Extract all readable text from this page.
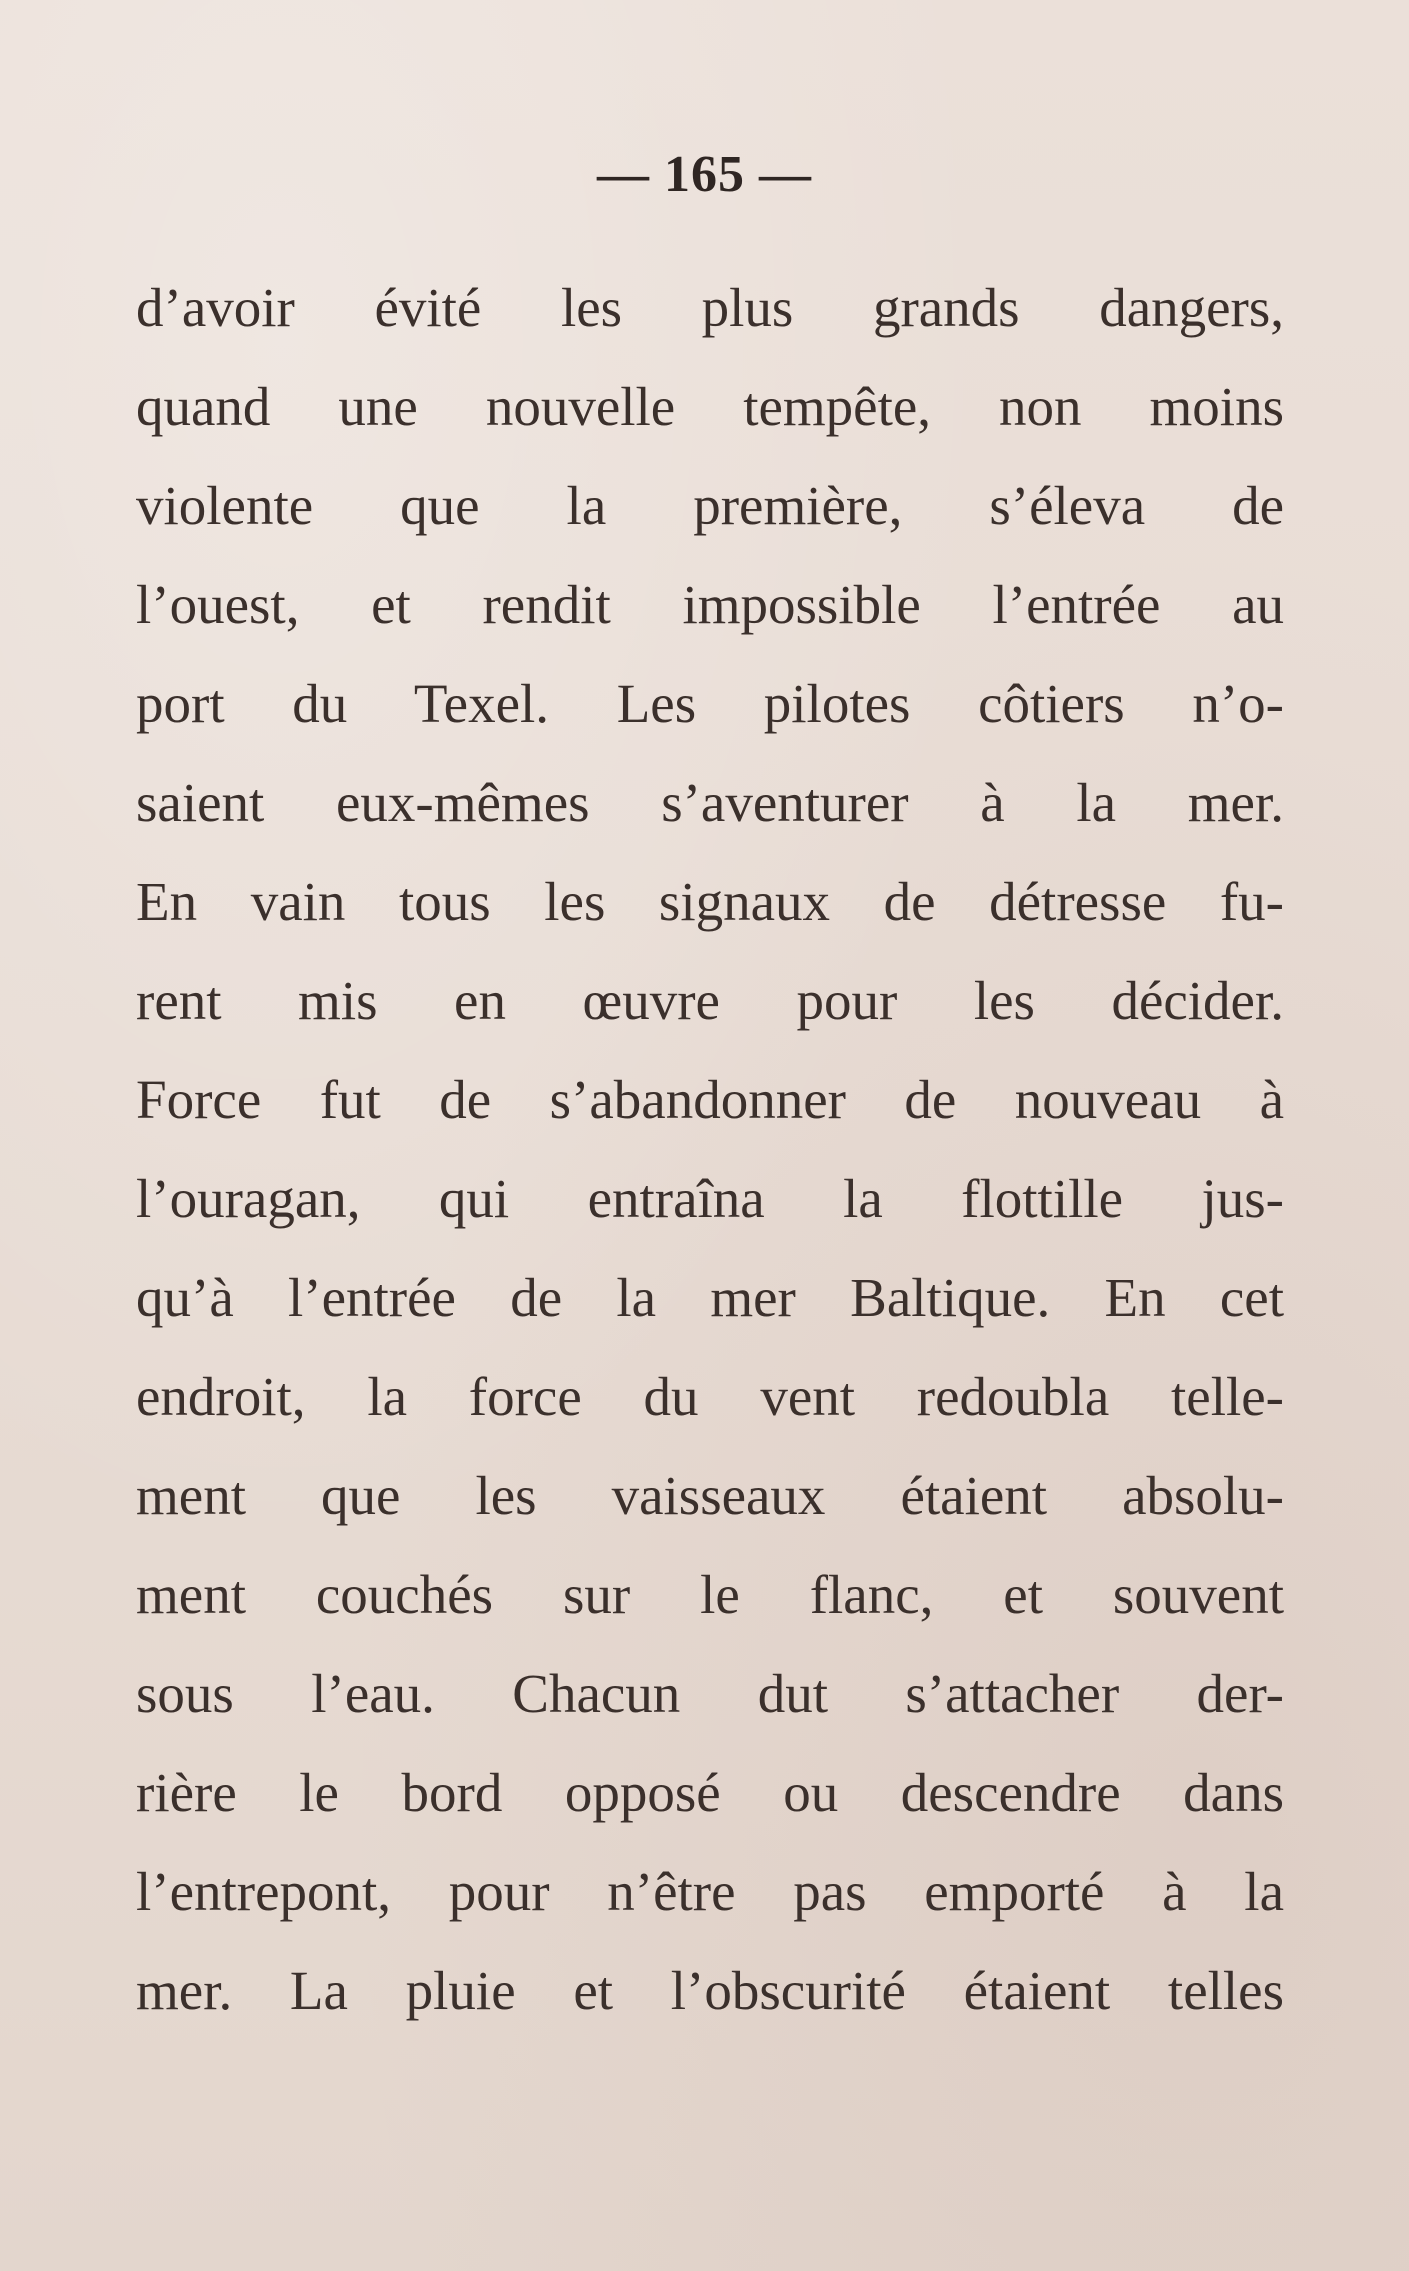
— 165 —
d’avoir évité les plus grands dangers,
quand une nouvelle tempête, non moins
violente que la première, s’éleva de
l’ouest, et rendit impossible l’entrée au
port du Texel. Les pilotes côtiers n’o-
saient eux-mêmes s’aventurer à la mer.
En vain tous les signaux de détresse fu-
rent mis en œuvre pour les décider.
Force fut de s’abandonner de nouveau à
l’ouragan, qui entraîna la flottille jus-
qu’à l’entrée de la mer Baltique. En cet
endroit, la force du vent redoubla telle-
ment que les vaisseaux étaient absolu-
ment couchés sur le flanc, et souvent
sous l’eau. Chacun dut s’attacher der-
rière le bord opposé ou descendre dans
l’entrepont, pour n’être pas emporté à la
mer. La pluie et l’obscurité étaient telles
